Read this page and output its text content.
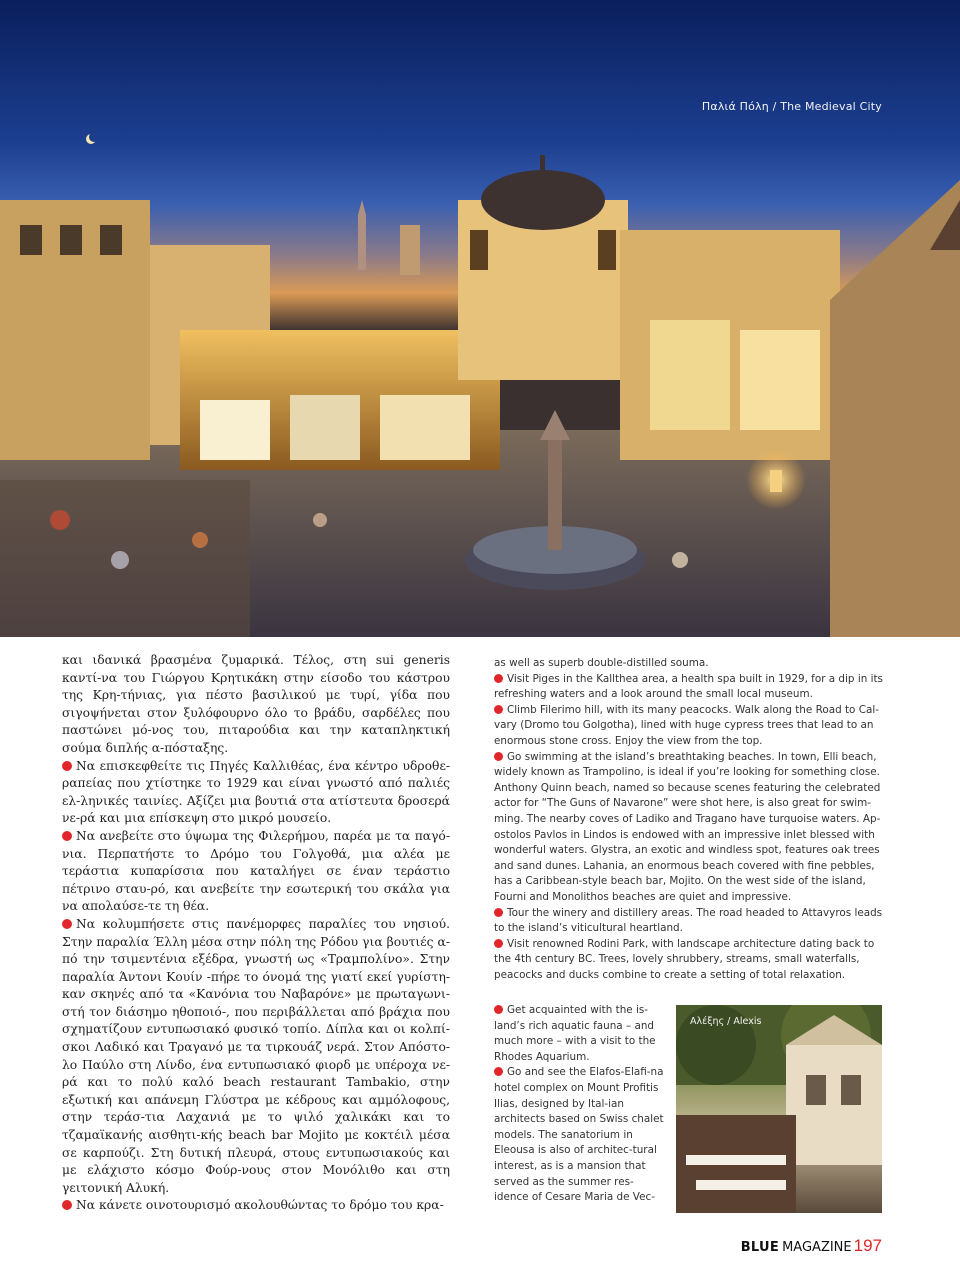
Παλιά Πόλη / The Medieval City

και ιδανικά βρασμένα ζυμαρικά. Τέλος, στη sui generis καντί-να του Γιώργου Κρητικάκη στην είσοδο του κάστρου της Κρη-τήνιας, για πέστο βασιλικού με τυρί, γίδα που σιγοψήνεται στον ξυλόφουρνο όλο το βράδυ, σαρδέλες που παστώνει μό-νος του, πιταρούδια και την καταπληκτική σούμα διπλής α-πόσταξης.

Να επισκεφθείτε τις Πηγές Καλλιθέας, ένα κέντρο υδροθε-ραπείας που χτίστηκε το 1929 και είναι γνωστό από παλιές ελ-ληνικές ταινίες. Αξίζει μια βουτιά στα ατίστευτα δροσερά νε-ρά και μια επίσκεψη στο μικρό μουσείο.

Να ανεβείτε στο ύψωμα της Φιλερήμου, παρέα με τα παγό-νια. Περπατήστε το Δρόμο του Γολγοθά, μια αλέα με τεράστια κυπαρίσσια που καταλήγει σε έναν τεράστιο πέτρινο σταυ-ρό, και ανεβείτε την εσωτερική του σκάλα για να απολαύσε-τε τη θέα.

Να κολυμπήσετε στις πανέμορφες παραλίες του νησιού. Στην παραλία Έλλη μέσα στην πόλη της Ρόδου για βουτιές α-πό την τσιμεντένια εξέδρα, γνωστή ως «Τραμπολίνο». Στην παραλία Άντονι Κουίν -πήρε το όνομά της γιατί εκεί γυρίστη-καν σκηνές από τα «Κανόνια του Ναβαρόνε» με πρωταγωνι-στή τον διάσημο ηθοποιό-, που περιβάλλεται από βράχια που σχηματίζουν εντυπωσιακό φυσικό τοπίο. Δίπλα και οι κολπί-σκοι Λαδικό και Τραγανό με τα τιρκουάζ νερά. Στον Απόστο-λο Παύλο στη Λίνδο, ένα εντυπωσιακό φιορδ με υπέροχα νε-ρά και το πολύ καλό beach restaurant Tambakio, στην εξωτική και απάνεμη Γλύστρα με κέδρους και αμμόλοφους, στην τεράσ-τια Λαχανιά με το ψιλό χαλικάκι και το τζαμαϊκανής αισθητι-κής beach bar Mojito με κοκτέιλ μέσα σε καρπούζι. Στη δυτική πλευρά, στους εντυπωσιακούς και με ελάχιστο κόσμο Φούρ-νους στον Μονόλιθο και στη γειτονική Αλυκή.

Να κάνετε οινοτουρισμό ακολουθώντας το δρόμο του κρα-

as well as superb double-distilled souma.

Visit Piges in the Kallthea area, a health spa built in 1929, for a dip in its refreshing waters and a look around the small local museum.

Climb Filerimo hill, with its many peacocks. Walk along the Road to Cal-vary (Dromo tou Golgotha), lined with huge cypress trees that lead to an enormous stone cross. Enjoy the view from the top.

Go swimming at the island’s breathtaking beaches. In town, Elli beach, widely known as Trampolino, is ideal if you’re looking for something close. Anthony Quinn beach, named so because scenes featuring the celebrated actor for “The Guns of Navarone” were shot here, is also great for swim-ming. The nearby coves of Ladiko and Tragano have turquoise waters. Ap-ostolos Pavlos in Lindos is endowed with an impressive inlet blessed with wonderful waters. Glystra, an exotic and windless spot, features oak trees and sand dunes. Lahania, an enormous beach covered with fine pebbles, has a Caribbean-style beach bar, Mojito. On the west side of the island, Fourni and Monolithos beaches are quiet and impressive.

Tour the winery and distillery areas. The road headed to Attavyros leads to the island’s viticultural heartland.

Visit renowned Rodini Park, with landscape architecture dating back to the 4th century BC. Trees, lovely shrubbery, streams, small waterfalls, peacocks and ducks combine to create a setting of total relaxation.

Get acquainted with the is-land’s rich aquatic fauna – and much more – with a visit to the Rhodes Aquarium.

Go and see the Elafos-Elafi-na hotel complex on Mount Profitis Ilias, designed by Ital-ian architects based on Swiss chalet models. The sanatorium in Eleousa is also of architec-tural interest, as is a mansion that served as the summer res-idence of Cesare Maria de Vec-

Αλέξης / Alexis
BLUE MAGAZINE 197
